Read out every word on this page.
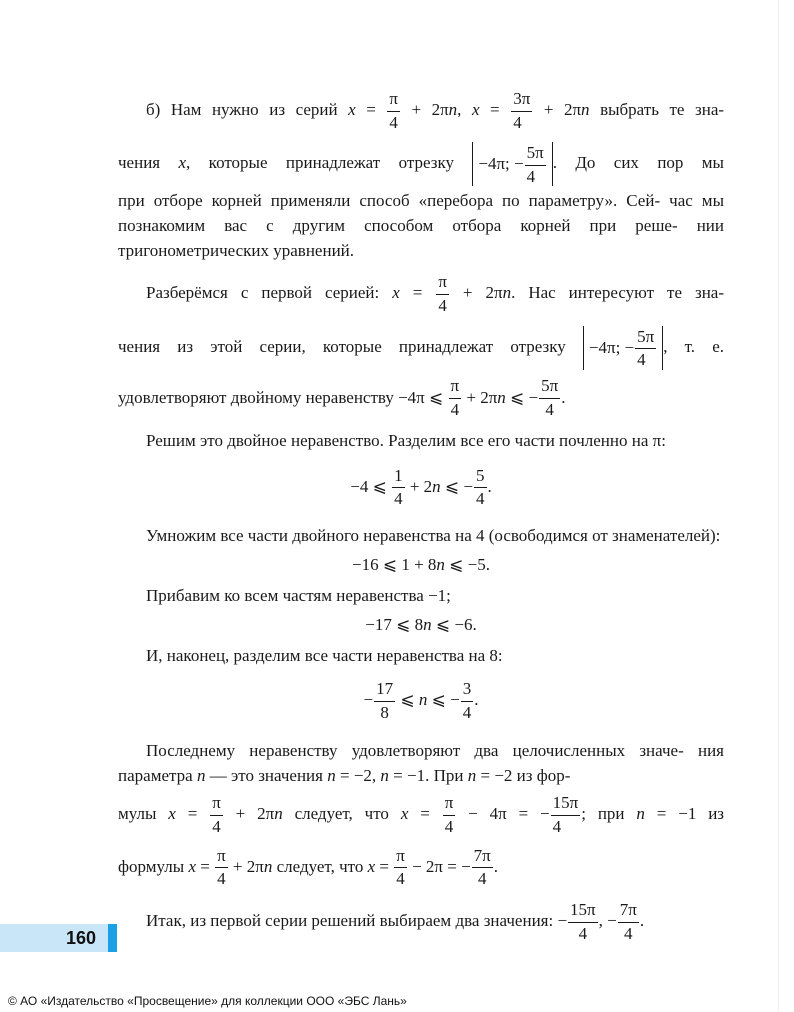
б) Нам нужно из серий $x = \frac{\pi}{4} + 2\pi n$, $x = \frac{3\pi}{4} + 2\pi n$ выбрать те зна-

чения x, которые принадлежат отрезку −4π; − $\frac{5\pi}{4}$ . До сих пор мы

при отборе корней применяли способ «перебора по параметру». Сей- час мы познакомим вас с другим способом отбора корней при реше- нии тригонометрических уравнений.

Разберёмся с первой серией: $x = \frac{\pi}{4} + 2\pi n$. Нас интересуют те зна-

чения из этой серии, которые принадлежат отрезку −4π; − $\frac{5\pi}{4}$ , т. е.

удовлетворяют двойному неравенству −4π ⩽ $\frac{\pi}{4} + 2\pi n$ ⩽ − $\frac{5\pi}{4}$ .

Решим это двойное неравенство. Разделим все его части почленно на π:

−4 ⩽ $\frac{1}{4} + 2n$ ⩽ − $\frac{5}{4}$ .

Умножим все части двойного неравенства на 4 (освободимся от знаменателей):

−16 ⩽ 1 + 8n ⩽ −5.

Прибавим ко всем частям неравенства −1;

−17 ⩽ 8n ⩽ −6.

И, наконец, разделим все части неравенства на 8:

− $\frac{17}{8}$ ⩽ n ⩽ − $\frac{3}{4}$ .

Последнему неравенству удовлетворяют два целочисленных значе- ния параметра n — это значения n = −2, n = −1. При n = −2 из фор-

мулы $x = \frac{\pi}{4} + 2\pi n$ следует, что $x = \frac{\pi}{4} - 4\pi$ = − $\frac{15\pi}{4}$ ; при n = −1 из

формулы $x = \frac{\pi}{4} + 2\pi n$ следует, что $x = \frac{\pi}{4} - 2\pi$ = − $\frac{7\pi}{4}$ .

Итак, из первой серии решений выбираем два значения: − $\frac{15\pi}{4}$ , − $\frac{7\pi}{4}$ .

160
© АО «Издательство «Просвещение» для коллекции ООО «ЭБС Лань»
